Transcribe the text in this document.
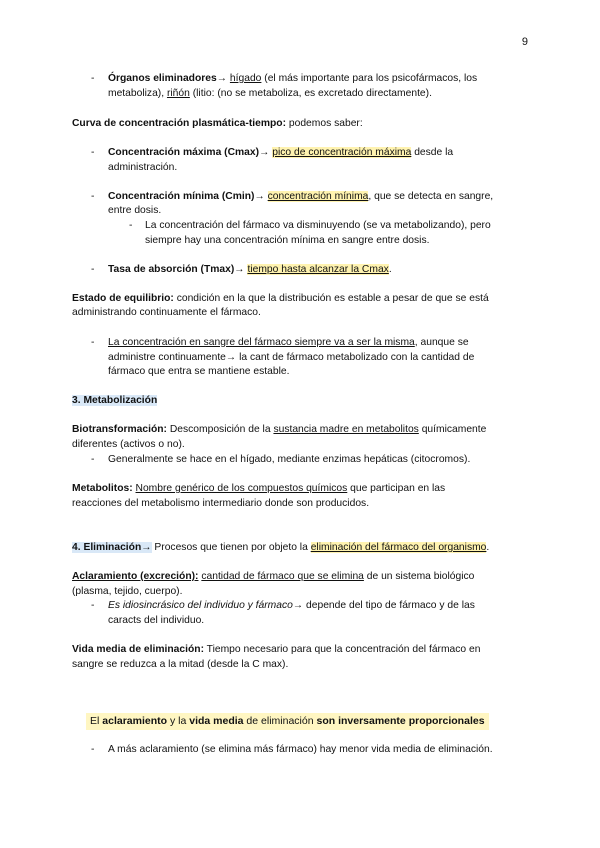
9
- Órganos eliminadores→ hígado (el más importante para los psicofármacos, los
metaboliza), riñón (litio: (no se metaboliza, es excretado directamente).
Curva de concentración plasmática-tiempo: podemos saber:
- Concentración máxima (Cmax)→ pico de concentración máxima desde la
administración.
- Concentración mínima (Cmin)→ concentración mínima, que se detecta en sangre,
entre dosis.
- La concentración del fármaco va disminuyendo (se va metabolizando), pero
siempre hay una concentración mínima en sangre entre dosis.
- Tasa de absorción (Tmax)→ tiempo hasta alcanzar la Cmax.
Estado de equilibrio: condición en la que la distribución es estable a pesar de que se está
administrando continuamente el fármaco.
- La concentración en sangre del fármaco siempre va a ser la misma, aunque se
administre continuamente→ la cant de fármaco metabolizado con la cantidad de
fármaco que entra se mantiene estable.
3. Metabolización
Biotransformación: Descomposición de la sustancia madre en metabolitos químicamente
diferentes (activos o no).
- Generalmente se hace en el hígado, mediante enzimas hepáticas (citocromos).
Metabolitos: Nombre genérico de los compuestos químicos que participan en las
reacciones del metabolismo intermediario donde son producidos.
4. Eliminación→ Procesos que tienen por objeto la eliminación del fármaco del organismo.
Aclaramiento (excreción): cantidad de fármaco que se elimina de un sistema biológico
(plasma, tejido, cuerpo).
- Es idiosincrásico del individuo y fármaco→ depende del tipo de fármaco y de las
caracts del individuo.
Vida media de eliminación: Tiempo necesario para que la concentración del fármaco en
sangre se reduzca a la mitad (desde la C max).
El aclaramiento y la vida media de eliminación son inversamente proporcionales
- A más aclaramiento (se elimina más fármaco) hay menor vida media de eliminación.
